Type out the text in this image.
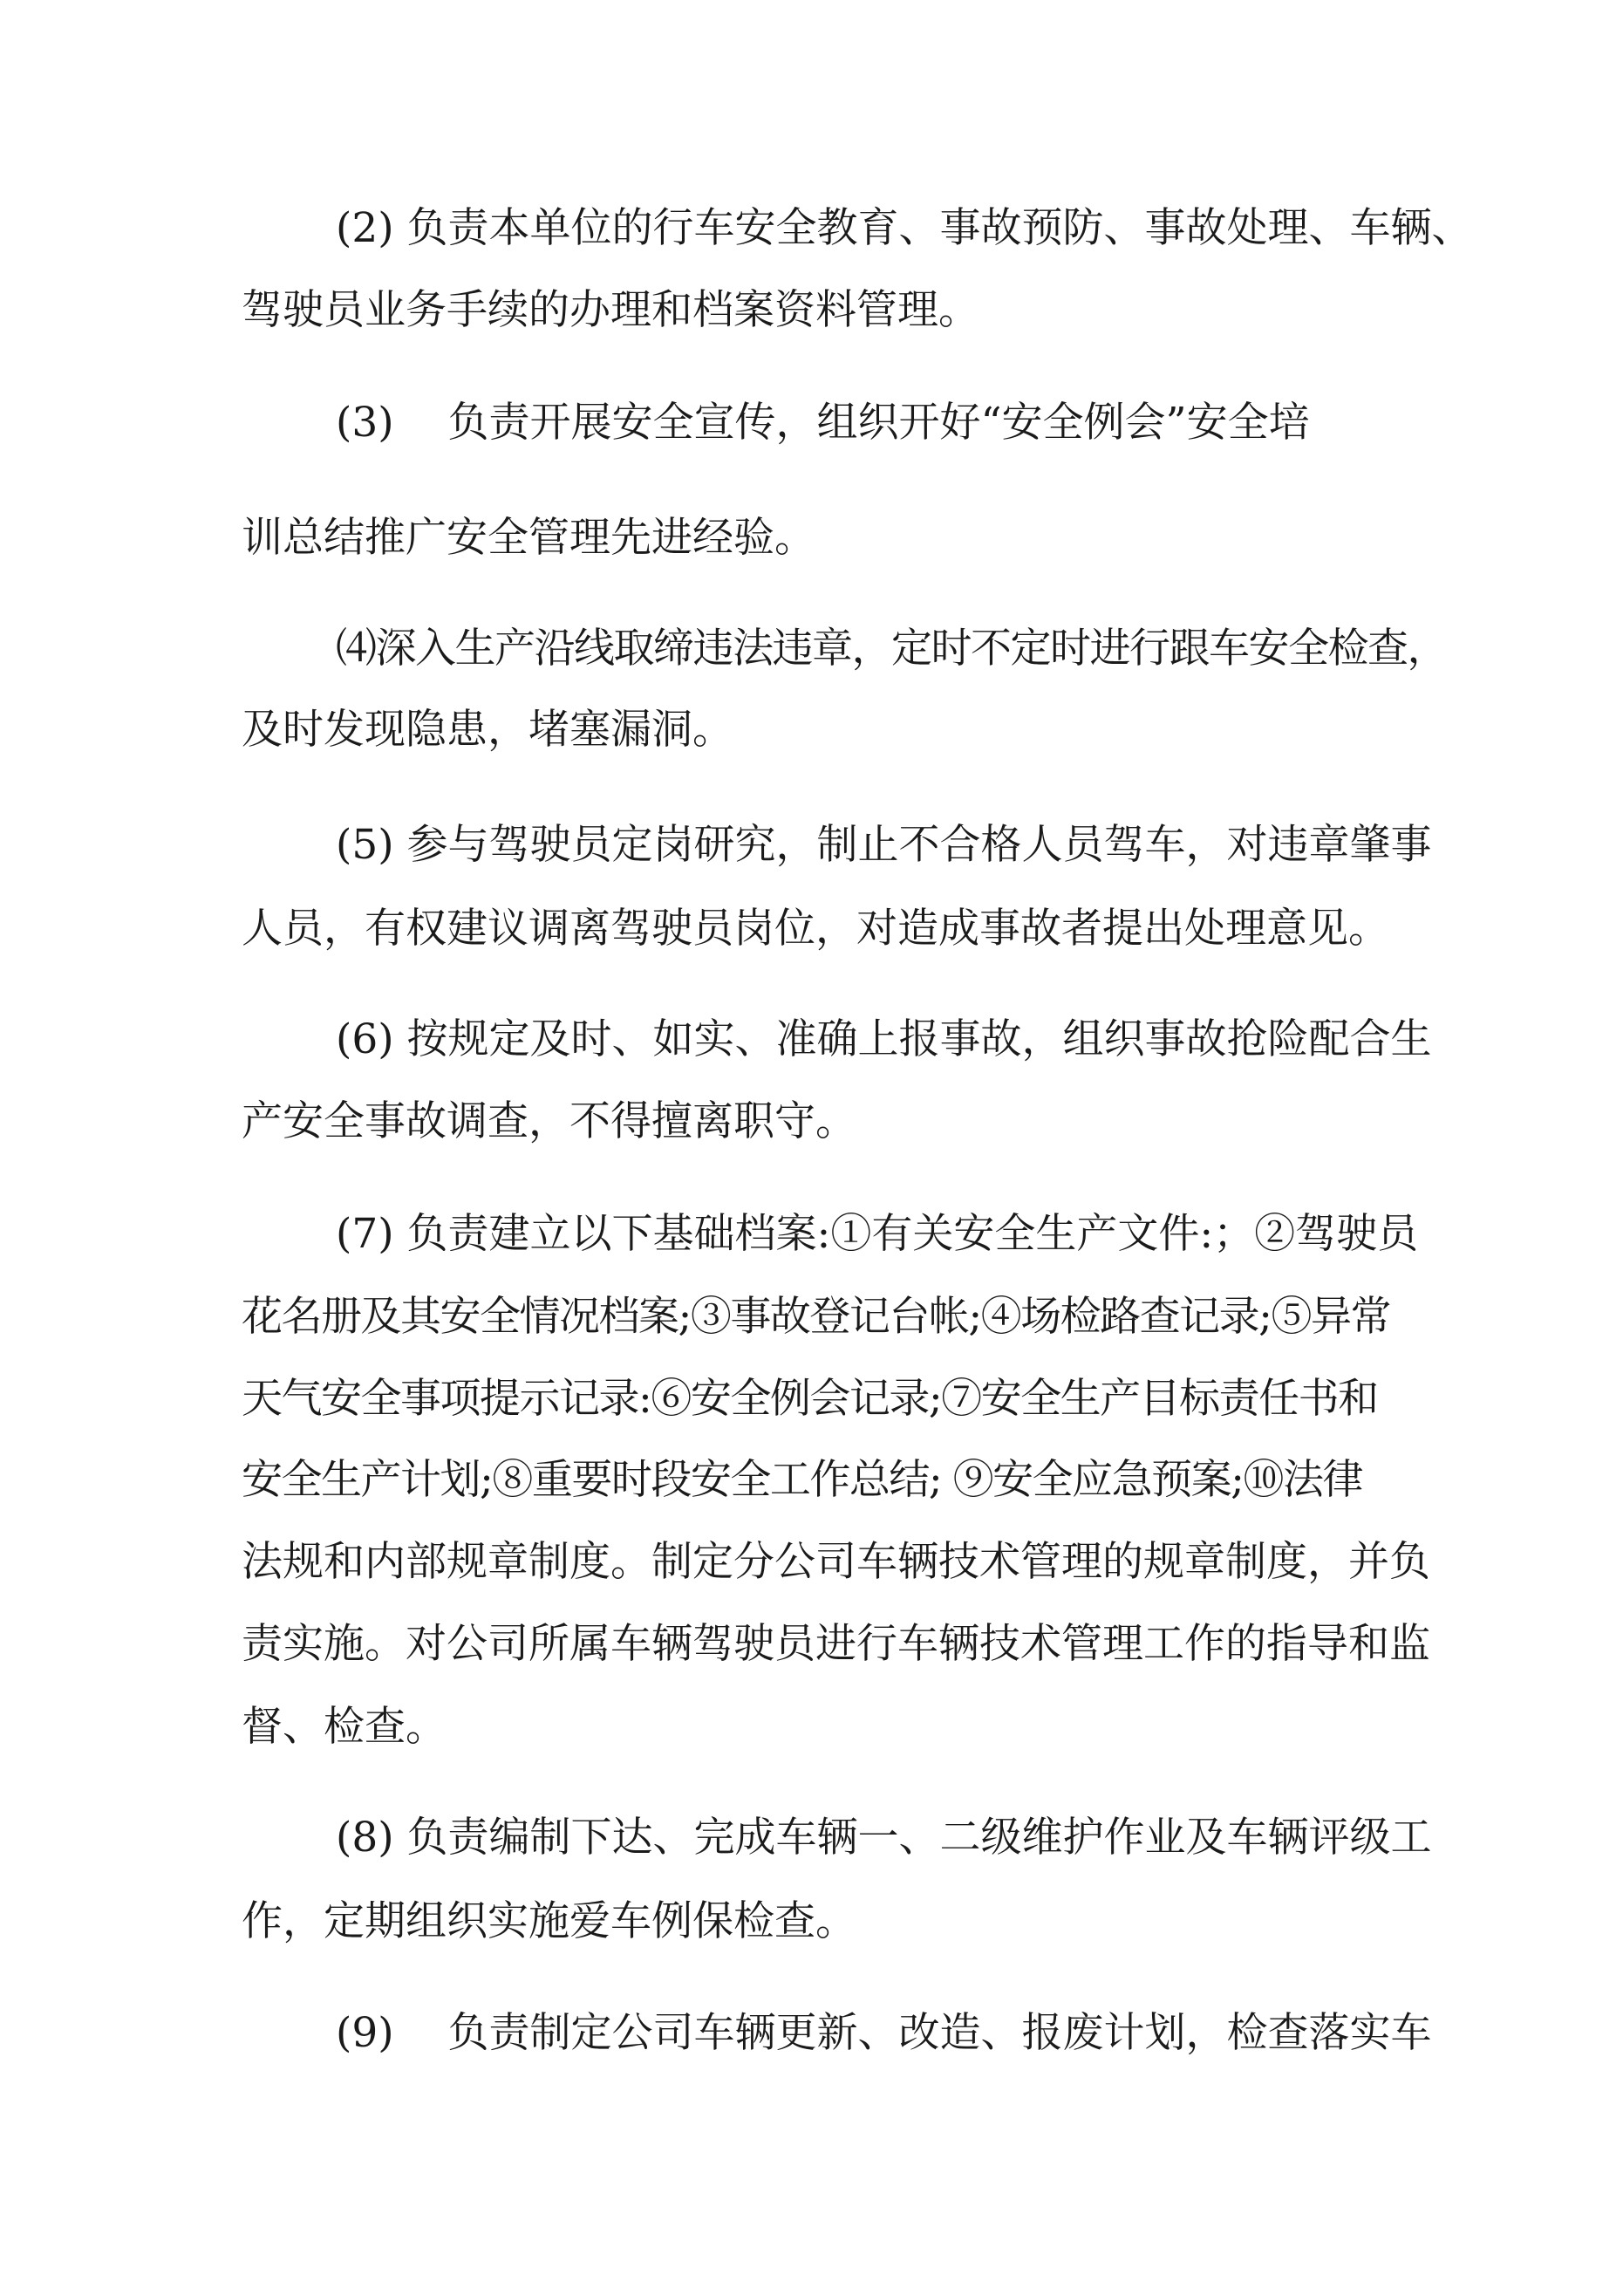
(2) 负责本单位的行车安全教育、事故预防、事故处理、车辆、

驾驶员业务手续的办理和档案资料管理。

(3)　 负责开展安全宣传，组织开好“安全例会”安全培

训总结推广安全管理先进经验。

⑷深入生产沿线取缔违法违章，定时不定时进行跟车安全检查，

及时发现隐患，堵塞漏洞。

(5) 参与驾驶员定岗研究，制止不合格人员驾车，对违章肇事

人员，有权建议调离驾驶员岗位，对造成事故者提出处理意见。

(6) 按规定及时、如实、准确上报事故，组织事故抢险配合生

产安全事故调查，不得擅离职守。

(7) 负责建立以下基础档案:①有关安全生产文件:；②驾驶员

花名册及其安全情况档案;③事故登记台帐;④场检路查记录;⑤异常

天气安全事项提示记录:⑥安全例会记录;⑦安全生产目标责任书和

安全生产计划;⑧重要时段安全工作总结; ⑨安全应急预案;⑩法律

法规和内部规章制度。制定分公司车辆技术管理的规章制度，并负

责实施。对公司所属车辆驾驶员进行车辆技术管理工作的指导和监

督、检查。

(8) 负责编制下达、完成车辆一、二级维护作业及车辆评级工

作，定期组织实施爱车例保检查。

(9)　 负责制定公司车辆更新、改造、报废计划，检查落实车
